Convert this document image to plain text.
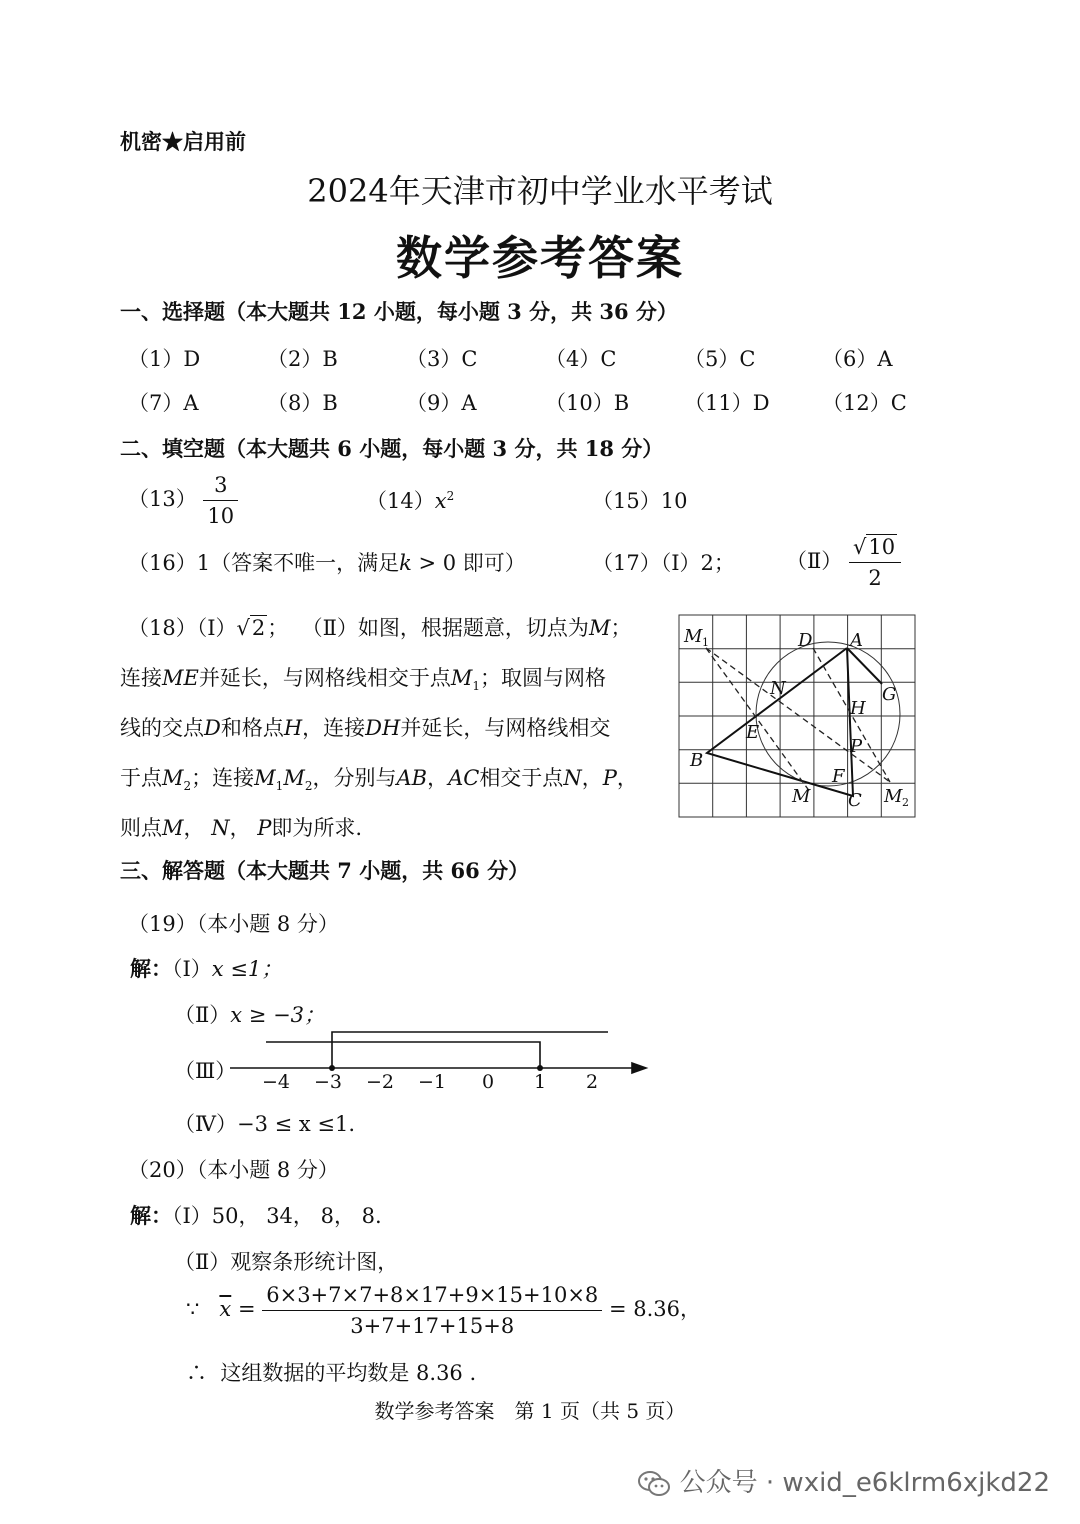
机密★启用前
2024年天津市初中学业水平考试
数学参考答案
一、选择题（本大题共 12 小题，每小题 3 分，共 36 分）
（1）D	（2）B	（3）C	（4）C	（5）C	（6）A
（7）A	（8）B	（9）A	（10）B	（11）D （12）C
二、填空题（本大题共 6 小题，每小题 3 分，共 18 分）
$(13) \frac{3}{10}$	$(14)x^2$	（15）10
（16）1（答案不唯一，满足k > 0 即可）	（17）（Ⅰ）2； （Ⅱ） $\frac{√10}{2}$
（18）（Ⅰ）√2； （Ⅱ）如图，根据题意，切点为M；
连接ME并延长，与网格线相交于点$M_1$；取圆与网格
线的交点D和格点H，连接DH并延长，与网格线相交
于点$M_2$；连接$M_1M_2$，分别与AB，AC相交于点N，P，
则点M， N， P即为所求.
M 1	D A
G
N
H
E
P
B
F
M C M 2
三、解答题（本大题共 7 小题，共 66 分）
（19）（本小题 8 分）
解：（Ⅰ）x ≤1；
（Ⅱ）x ≥ −3；
（Ⅲ） −4 −3 −2 −1 0 1 2
（Ⅳ）−3 ≤ x ≤1.
（20）（本小题 8 分）
解：（Ⅰ）50， 34， 8， 8.
（Ⅱ）观察条形统计图，
∵ $\overline{x} = \frac{6\times 3+7\times 7+8\times 17+9\times 15+10\times 8}{3+7+17+15+8} = 8.36$，
∴ 这组数据的平均数是 8.36 .
数学参考答案　第 1 页（共 5 页）
公众号 · wxid_e6klrm6xjkd22
